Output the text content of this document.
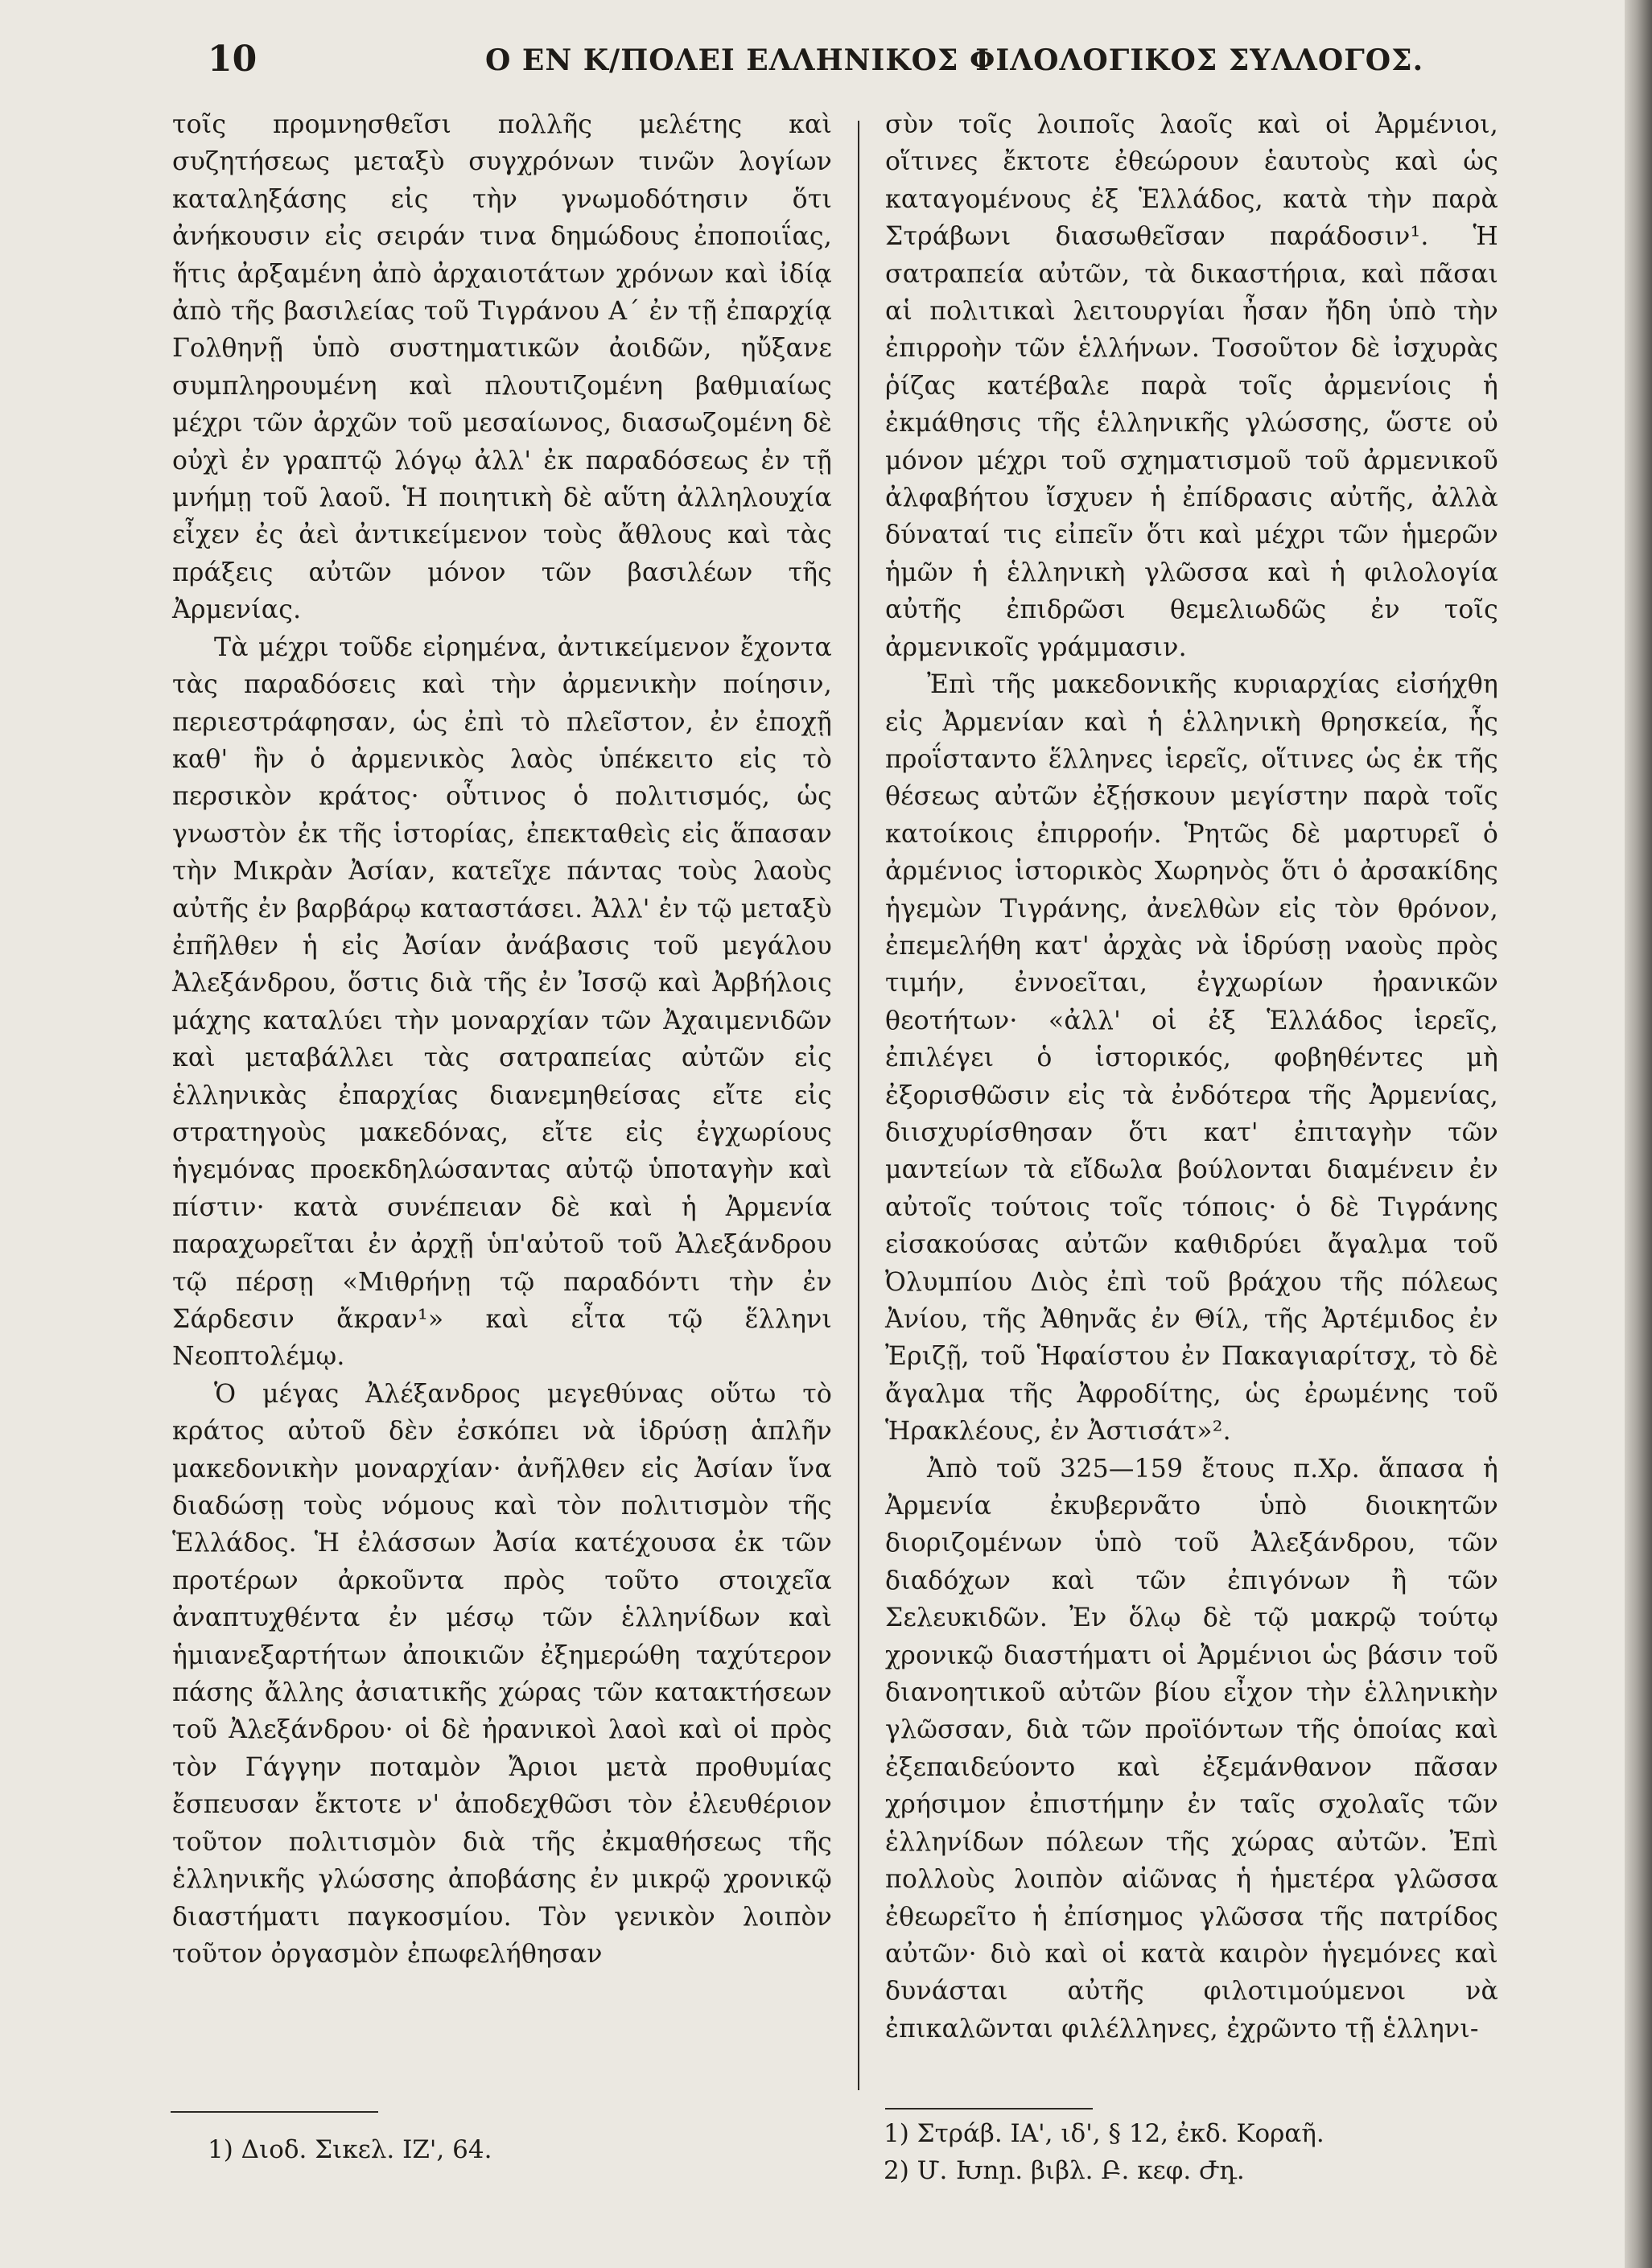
10	Ο ΕΝ Κ/ΠΟΛΕΙ ΕΛΛΗΝΙΚΟΣ ΦΙΛΟΛΟΓΙΚΟΣ ΣΥΛΛΟΓΟΣ.

τοῖς προμνησθεῖσι πολλῆς μελέτης καὶ συζητήσεως μεταξὺ συγχρόνων τινῶν λογίων καταληξάσης εἰς τὴν γνωμοδότησιν ὅτι ἀνήκουσιν εἰς σειράν τινα δημώδους ἐποποιΐας, ἥτις ἀρξαμένη ἀπὸ ἀρχαιοτάτων χρόνων καὶ ἰδίᾳ ἀπὸ τῆς βασιλείας τοῦ Τιγράνου Α΄ ἐν τῇ ἐπαρχίᾳ Γολθηνῇ ὑπὸ συστηματικῶν ἀοιδῶν, ηὔξανε συμπληρουμένη καὶ πλουτιζομένη βαθμιαίως μέχρι τῶν ἀρχῶν τοῦ μεσαίωνος, διασωζομένη δὲ οὐχὶ ἐν γραπτῷ λόγῳ ἀλλ' ἐκ παραδόσεως ἐν τῇ μνήμῃ τοῦ λαοῦ. Ἡ ποιητικὴ δὲ αὕτη ἀλληλουχία εἶχεν ἐς ἀεὶ ἀντικείμενον τοὺς ἄθλους καὶ τὰς πράξεις αὐτῶν μόνον τῶν βασιλέων τῆς Ἀρμενίας.

Τὰ μέχρι τοῦδε εἰρημένα, ἀντικείμενον ἔχοντα τὰς παραδόσεις καὶ τὴν ἀρμενικὴν ποίησιν, περιεστράφησαν, ὡς ἐπὶ τὸ πλεῖστον, ἐν ἐποχῇ καθ' ἣν ὁ ἀρμενικὸς λαὸς ὑπέκειτο εἰς τὸ περσικὸν κράτος· οὗτινος ὁ πολιτισμός, ὡς γνωστὸν ἐκ τῆς ἱστορίας, ἐπεκταθεὶς εἰς ἅπασαν τὴν Μικρὰν Ἀσίαν, κατεῖχε πάντας τοὺς λαοὺς αὐτῆς ἐν βαρβάρῳ καταστάσει. Ἀλλ' ἐν τῷ μεταξὺ ἐπῆλθεν ἡ εἰς Ἀσίαν ἀνάβασις τοῦ μεγάλου Ἀλεξάνδρου, ὅστις διὰ τῆς ἐν Ἰσσῷ καὶ Ἀρβήλοις μάχης καταλύει τὴν μοναρχίαν τῶν Ἀχαιμενιδῶν καὶ μεταβάλλει τὰς σατραπείας αὐτῶν εἰς ἑλληνικὰς ἐπαρχίας διανεμηθείσας εἴτε εἰς στρατηγοὺς μακεδόνας, εἴτε εἰς ἐγχωρίους ἡγεμόνας προεκδηλώσαντας αὐτῷ ὑποταγὴν καὶ πίστιν· κατὰ συνέπειαν δὲ καὶ ἡ Ἀρμενία παραχωρεῖται ἐν ἀρχῇ ὑπ'αὐτοῦ τοῦ Ἀλεξάνδρου τῷ πέρσῃ «Μιθρήνῃ τῷ παραδόντι τὴν ἐν Σάρδεσιν ἄκραν¹» καὶ εἶτα τῷ ἕλληνι Νεοπτολέμῳ.

Ὁ μέγας Ἀλέξανδρος μεγεθύνας οὕτω τὸ κράτος αὐτοῦ δὲν ἐσκόπει νὰ ἱδρύσῃ ἁπλῆν μακεδονικὴν μοναρχίαν· ἀνῆλθεν εἰς Ἀσίαν ἵνα διαδώσῃ τοὺς νόμους καὶ τὸν πολιτισμὸν τῆς Ἑλλάδος. Ἡ ἐλάσσων Ἀσία κατέχουσα ἐκ τῶν προτέρων ἀρκοῦντα πρὸς τοῦτο στοιχεῖα ἀναπτυχθέντα ἐν μέσῳ τῶν ἑλληνίδων καὶ ἡμιανεξαρτήτων ἀποικιῶν ἐξημερώθη ταχύτερον πάσης ἄλλης ἀσιατικῆς χώρας τῶν κατακτήσεων τοῦ Ἀλεξάνδρου· οἱ δὲ ἠρανικοὶ λαοὶ καὶ οἱ πρὸς τὸν Γάγγην ποταμὸν Ἄριοι μετὰ προθυμίας ἔσπευσαν ἔκτοτε ν' ἀποδεχθῶσι τὸν ἐλευθέριον τοῦτον πολιτισμὸν διὰ τῆς ἐκμαθήσεως τῆς ἑλληνικῆς γλώσσης ἀποβάσης ἐν μικρῷ χρονικῷ διαστήματι παγκοσμίου. Τὸν γενικὸν λοιπὸν τοῦτον ὀργασμὸν ἐπωφελήθησαν

σὺν τοῖς λοιποῖς λαοῖς καὶ οἱ Ἀρμένιοι, οἵτινες ἔκτοτε ἐθεώρουν ἑαυτοὺς καὶ ὡς καταγομένους ἐξ Ἑλλάδος, κατὰ τὴν παρὰ Στράβωνι διασωθεῖσαν παράδοσιν¹. Ἡ σατραπεία αὐτῶν, τὰ δικαστήρια, καὶ πᾶσαι αἱ πολιτικαὶ λειτουργίαι ἦσαν ἤδη ὑπὸ τὴν ἐπιρροὴν τῶν ἑλλήνων. Τοσοῦτον δὲ ἰσχυρὰς ῥίζας κατέβαλε παρὰ τοῖς ἀρμενίοις ἡ ἐκμάθησις τῆς ἑλληνικῆς γλώσσης, ὥστε οὐ μόνον μέχρι τοῦ σχηματισμοῦ τοῦ ἀρμενικοῦ ἀλφαβήτου ἴσχυεν ἡ ἐπίδρασις αὐτῆς, ἀλλὰ δύναταί τις εἰπεῖν ὅτι καὶ μέχρι τῶν ἡμερῶν ἡμῶν ἡ ἑλληνικὴ γλῶσσα καὶ ἡ φιλολογία αὐτῆς ἐπιδρῶσι θεμελιωδῶς ἐν τοῖς ἀρμενικοῖς γράμμασιν.

Ἐπὶ τῆς μακεδονικῆς κυριαρχίας εἰσήχθη εἰς Ἀρμενίαν καὶ ἡ ἑλληνικὴ θρησκεία, ἧς προΐσταντο ἕλληνες ἱερεῖς, οἵτινες ὡς ἐκ τῆς θέσεως αὐτῶν ἐξῄσκουν μεγίστην παρὰ τοῖς κατοίκοις ἐπιρροήν. Ῥητῶς δὲ μαρτυρεῖ ὁ ἀρμένιος ἱστορικὸς Χωρηνὸς ὅτι ὁ ἀρσακίδης ἡγεμὼν Τιγράνης, ἀνελθὼν εἰς τὸν θρόνον, ἐπεμελήθη κατ' ἀρχὰς νὰ ἱδρύσῃ ναοὺς πρὸς τιμήν, ἐννοεῖται, ἐγχωρίων ἠρανικῶν θεοτήτων· «ἀλλ' οἱ ἐξ Ἑλλάδος ἱερεῖς, ἐπιλέγει ὁ ἱστορικός, φοβηθέντες μὴ ἐξορισθῶσιν εἰς τὰ ἐνδότερα τῆς Ἀρμενίας, διισχυρίσθησαν ὅτι κατ' ἐπιταγὴν τῶν μαντείων τὰ εἴδωλα βούλονται διαμένειν ἐν αὐτοῖς τούτοις τοῖς τόποις· ὁ δὲ Τιγράνης εἰσακούσας αὐτῶν καθιδρύει ἄγαλμα τοῦ Ὀλυμπίου Διὸς ἐπὶ τοῦ βράχου τῆς πόλεως Ἀνίου, τῆς Ἀθηνᾶς ἐν Θίλ, τῆς Ἀρτέμιδος ἐν Ἐριζῇ, τοῦ Ἡφαίστου ἐν Πακαγιαρίτσχ, τὸ δὲ ἄγαλμα τῆς Ἀφροδίτης, ὡς ἐρωμένης τοῦ Ἡρακλέους, ἐν Ἀστισάτ»².

Ἀπὸ τοῦ 325—159 ἔτους π.Χρ. ἅπασα ἡ Ἀρμενία ἐκυβερνᾶτο ὑπὸ διοικητῶν διοριζομένων ὑπὸ τοῦ Ἀλεξάνδρου, τῶν διαδόχων καὶ τῶν ἐπιγόνων ἢ τῶν Σελευκιδῶν. Ἐν ὅλῳ δὲ τῷ μακρῷ τούτῳ χρονικῷ διαστήματι οἱ Ἀρμένιοι ὡς βάσιν τοῦ διανοητικοῦ αὐτῶν βίου εἶχον τὴν ἑλληνικὴν γλῶσσαν, διὰ τῶν προϊόντων τῆς ὁποίας καὶ ἐξεπαιδεύοντο καὶ ἐξεμάνθανον πᾶσαν χρήσιμον ἐπιστήμην ἐν ταῖς σχολαῖς τῶν ἑλληνίδων πόλεων τῆς χώρας αὐτῶν. Ἐπὶ πολλοὺς λοιπὸν αἰῶνας ἡ ἡμετέρα γλῶσσα ἐθεωρεῖτο ἡ ἐπίσημος γλῶσσα τῆς πατρίδος αὐτῶν· διὸ καὶ οἱ κατὰ καιρὸν ἡγεμόνες καὶ δυνάσται αὐτῆς φιλοτιμούμενοι νὰ ἐπικαλῶνται φιλέλληνες, ἐχρῶντο τῇ ἑλληνι-

1) Διοδ. Σικελ. ΙΖ', 64.
1) Στράβ. ΙΑ', ιδ', § 12, ἐκδ. Κοραῆ.
2) Մ. Խոր. βιβλ. Բ. κεφ. Ժդ.
